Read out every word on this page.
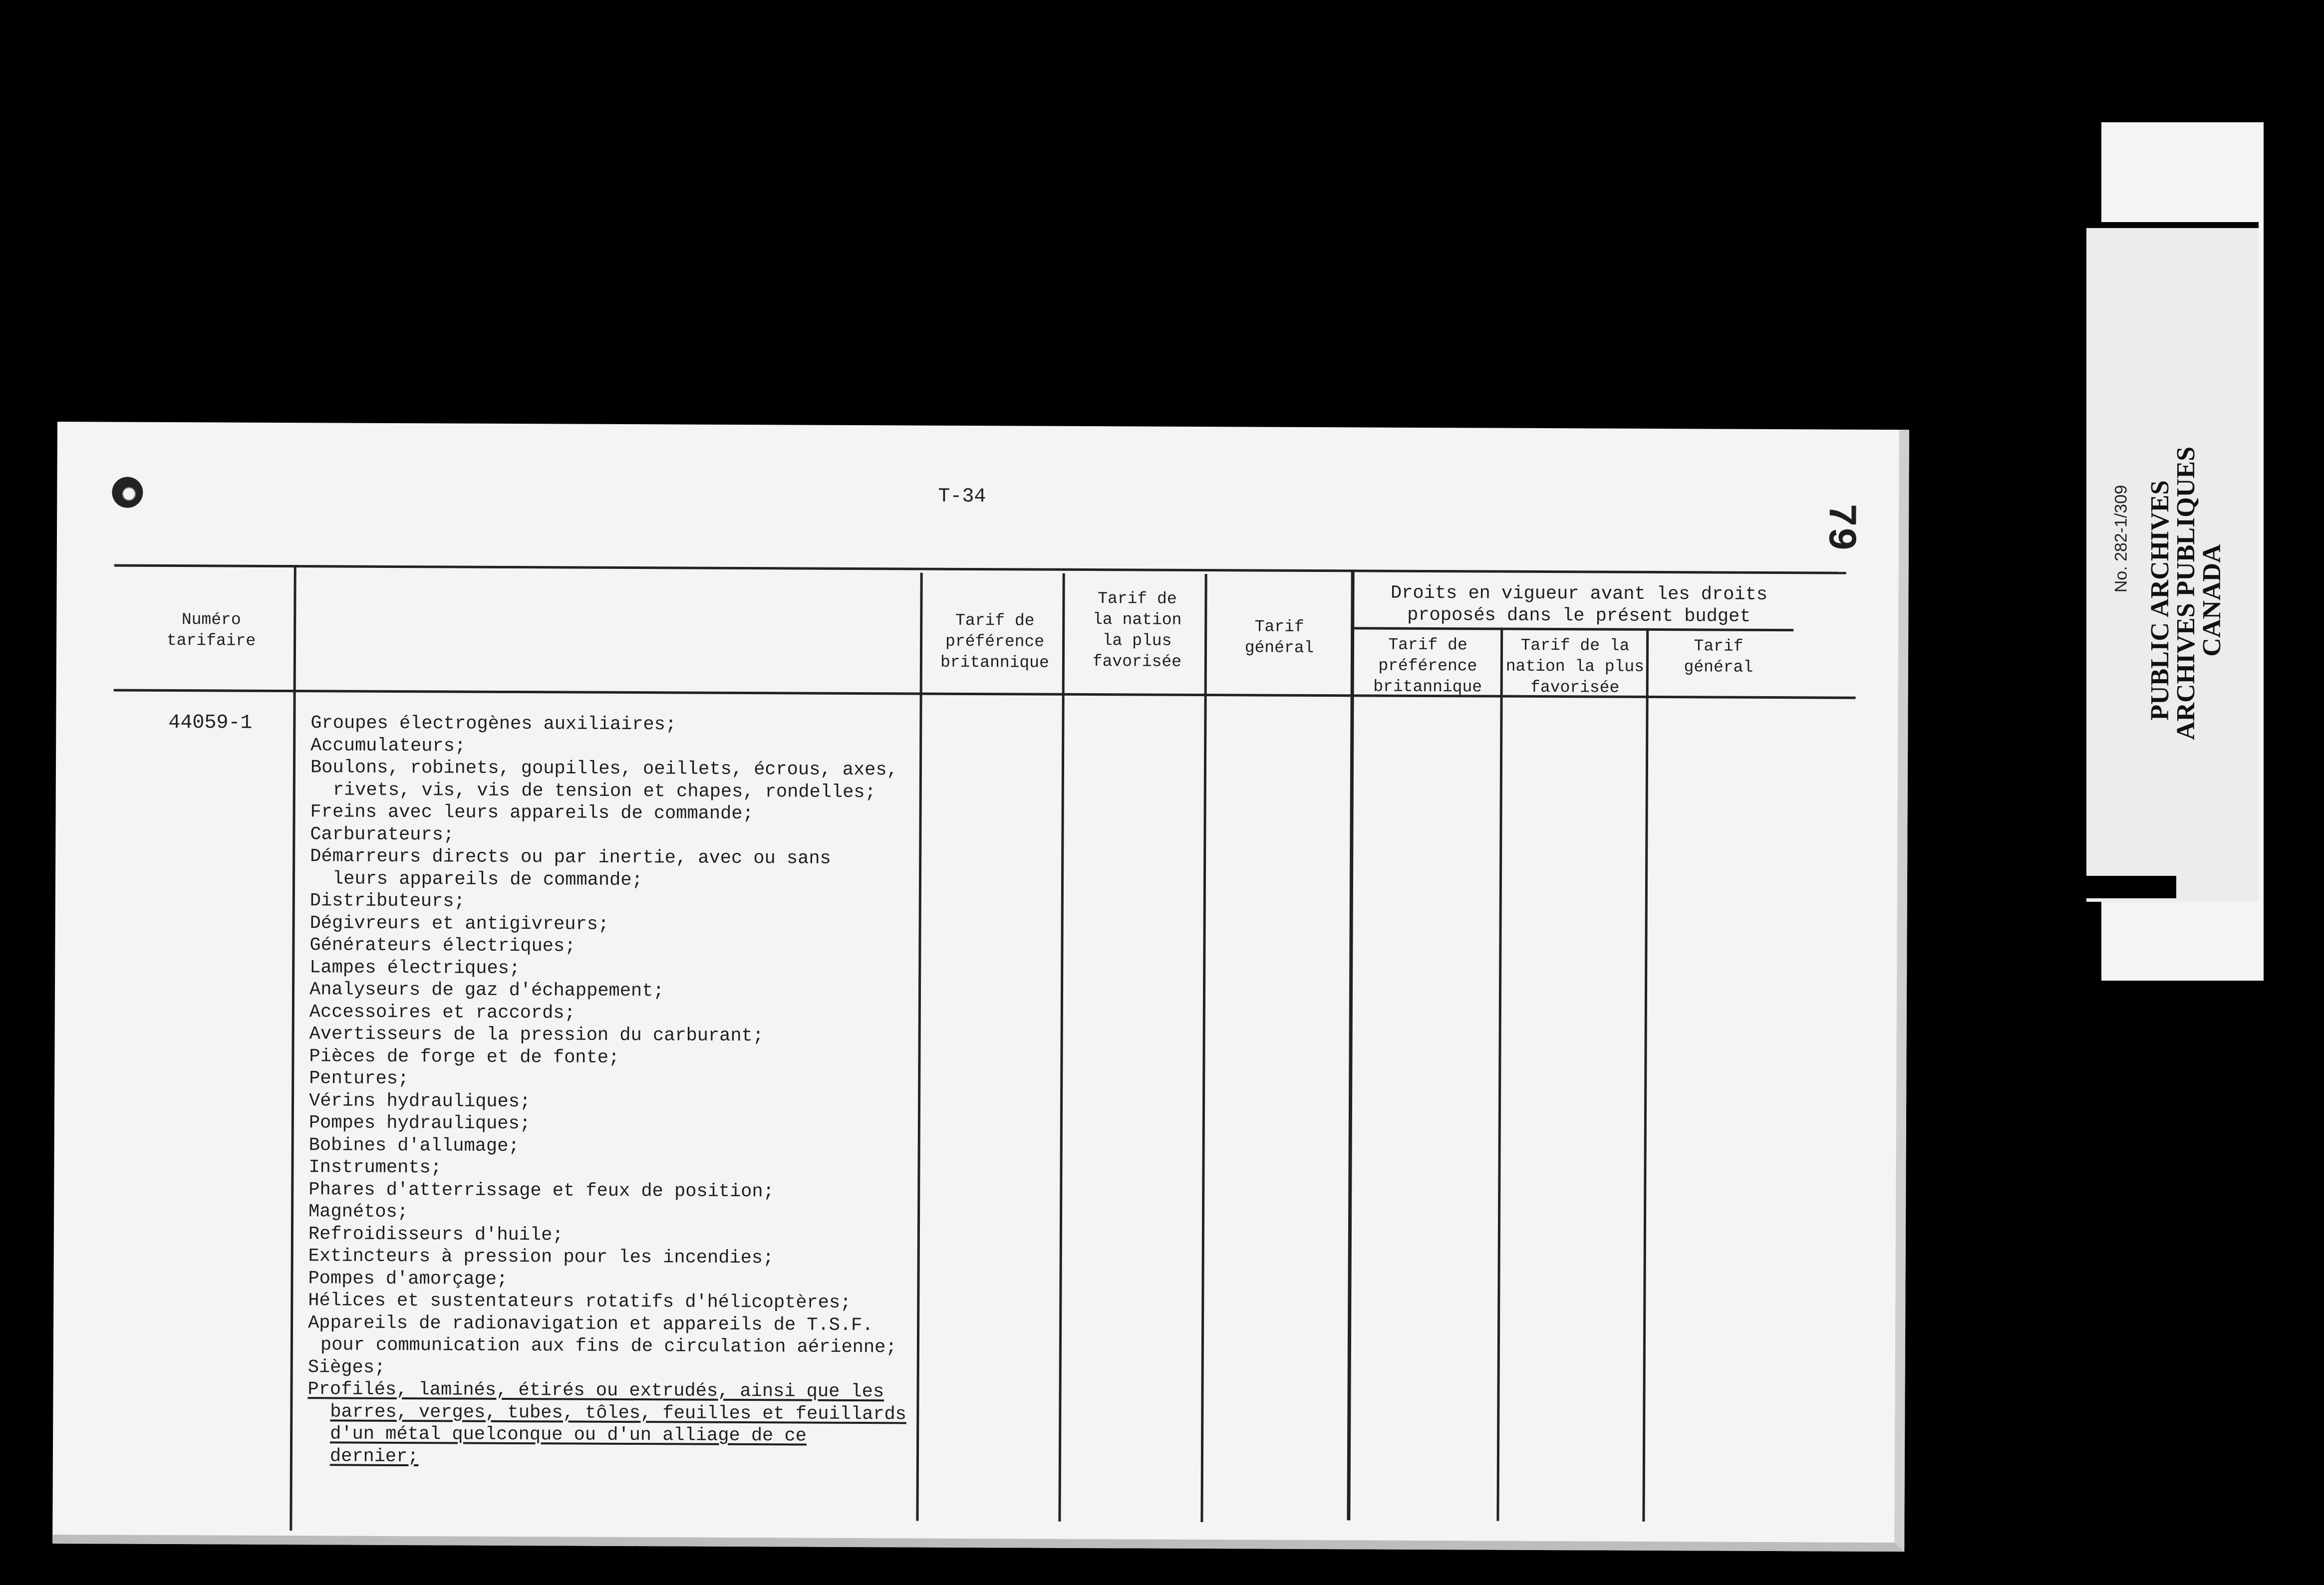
T-34
79
Numéro
tarifaire
Tarif de
préférence
britannique
Tarif de
la nation
la plus
favorisée
Tarif
général
Droits en vigueur avant les droits
proposés dans le présent budget
Tarif de
préférence
britannique
Tarif de la
nation la plus
favorisée
Tarif
général
44059-1	Groupes électrogènes auxiliaires;
Accumulateurs;
Boulons, robinets, goupilles, oeillets, écrous, axes,
rivets, vis, vis de tension et chapes, rondelles;
Freins avec leurs appareils de commande;
Carburateurs;
Démarreurs directs ou par inertie, avec ou sans
leurs appareils de commande;
Distributeurs;
Dégivreurs et antigivreurs;
Générateurs électriques;
Lampes électriques;
Analyseurs de gaz d'échappement;
Accessoires et raccords;
Avertisseurs de la pression du carburant;
Pièces de forge et de fonte;
Pentures;
Vérins hydrauliques;
Pompes hydrauliques;
Bobines d'allumage;
Instruments;
Phares d'atterrissage et feux de position;
Magnétos;
Refroidisseurs d'huile;
Extincteurs à pression pour les incendies;
Pompes d'amorçage;
Hélices et sustentateurs rotatifs d'hélicoptères;
Appareils de radionavigation et appareils de T.S.F.
pour communication aux fins de circulation aérienne;
Sièges;
Profilés, laminés, étirés ou extrudés, ainsi que les
barres, verges, tubes, tôles, feuilles et feuillards
d'un métal quelconque ou d'un alliage de ce
dernier;
No. 282-1/309 PUBLIC ARCHIVES
ARCHIVES PUBLIQUES
CANADA
